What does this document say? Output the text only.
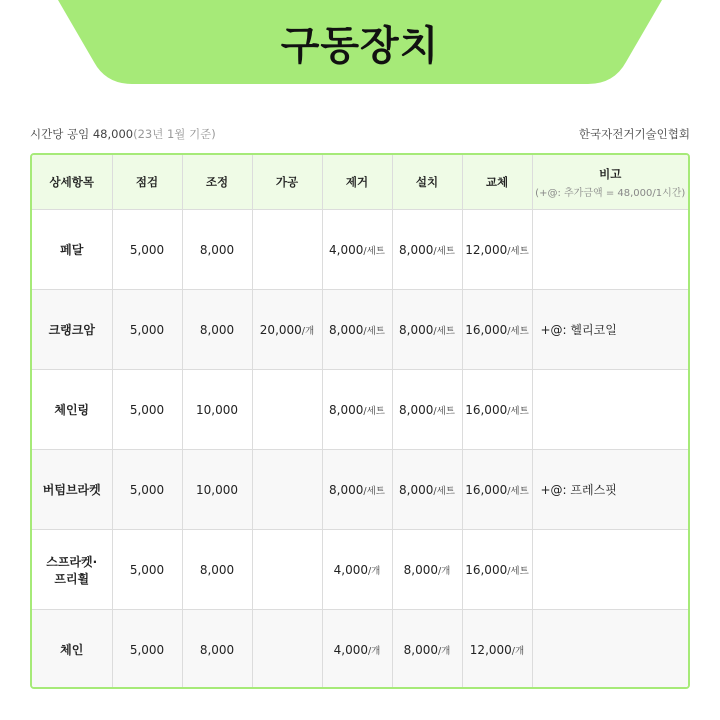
구동장치
시간당 공임 48,000(23년 1월 기준)	한국자전거기술인협회
상세항목	점검	조정	가공	제거	설치	교체	비고
(+@: 추가금액 = 48,000/1시간)

페달	5,000	8,000		4,000/세트	8,000/세트	12,000/세트	

크랭크암	5,000	8,000	20,000/개	8,000/세트	8,000/세트	16,000/세트	+@: 헬리코일

체인링	5,000	10,000		8,000/세트	8,000/세트	16,000/세트	

버텀브라켓	5,000	10,000		8,000/세트	8,000/세트	16,000/세트	+@: 프레스핏

스프라켓·
프리휠	5,000	8,000		4,000/개	8,000/개	16,000/세트	

체인	5,000	8,000		4,000/개	8,000/개	12,000/개	
